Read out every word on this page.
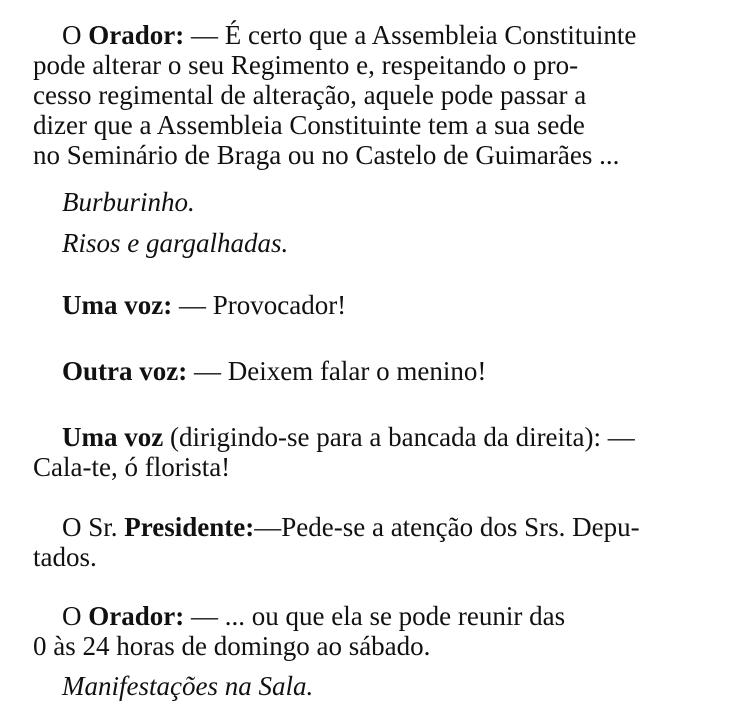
O Orador: — É certo que a Assembleia Constituinte
pode alterar o seu Regimento e, respeitando o pro-
cesso regimental de alteração, aquele pode passar a
dizer que a Assembleia Constituinte tem a sua sede
no Seminário de Braga ou no Castelo de Guimarães ...
Burburinho.
Risos e gargalhadas.
Uma voz: — Provocador!
Outra voz: — Deixem falar o menino!
Uma voz (dirigindo-se para a bancada da direita): —
Cala-te, ó florista!
O Sr. Presidente:—Pede-se a atenção dos Srs. Depu-
tados.
O Orador: — ... ou que ela se pode reunir das
0 às 24 horas de domingo ao sábado.
Manifestações na Sala.
